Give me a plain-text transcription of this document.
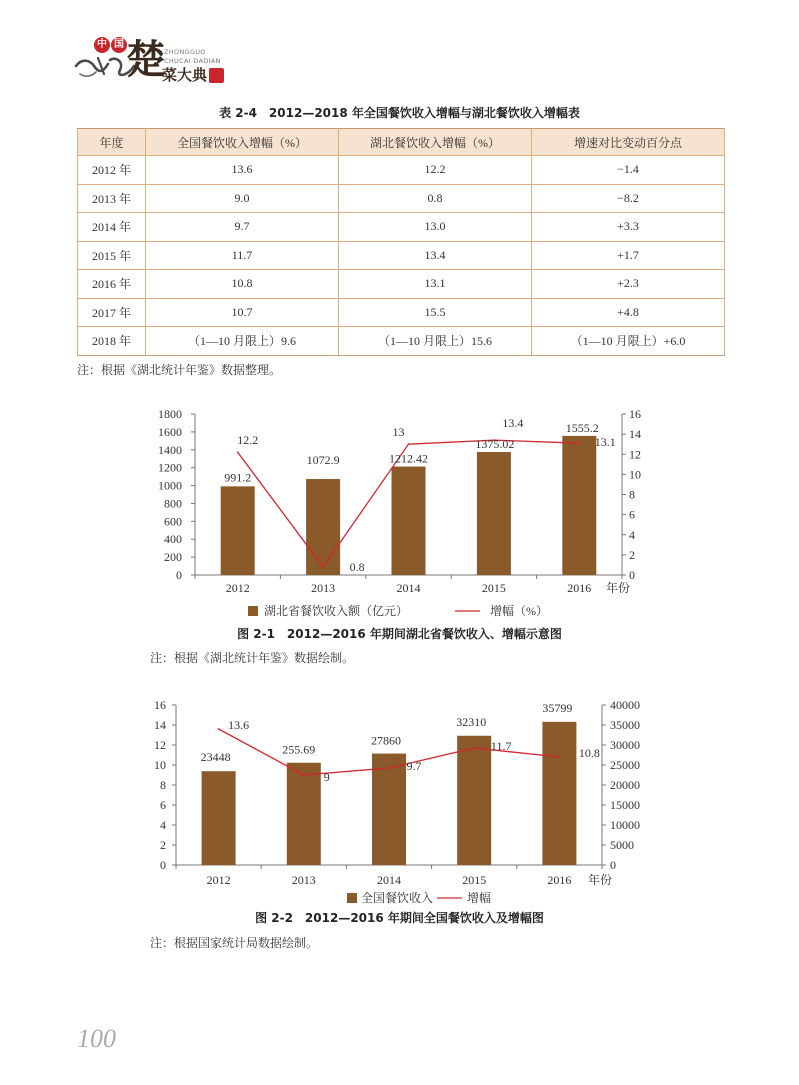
中 国 楚
ZHONGGUO
CHUCAI DADIAN
菜大典
表 2-4　2012—2018 年全国餐饮收入增幅与湖北餐饮收入增幅表
年度	全国餐饮收入增幅（%）	湖北餐饮收入增幅（%）	增速对比变动百分点
2012 年	13.6	12.2	−1.4
2013 年	9.0	0.8	−8.2
2014 年	9.7	13.0	+3.3
2015 年	11.7	13.4	+1.7
2016 年	10.8	13.1	+2.3
2017 年	10.7	15.5	+4.8
2018 年	（1—10 月限上）9.6	（1—10 月限上）15.6	（1—10 月限上）+6.0
注：根据《湖北统计年鉴》数据整理。
0
200
400
600
800
1000
1200
1400
1600
1800
0
2
4
6
8
10
12
14
16
2012	2013	2014	2015	2016 年份
991.2
1072.9	1212.42
1375.02
1555.2
12.2
0.8
13
13.4
13.1
湖北省餐饮收入额（亿元）	增幅（%）
图 2-1　2012—2016 年期间湖北省餐饮收入、增幅示意图
注：根据《湖北统计年鉴》数据绘制。
0
2
4
6
8
10
12
14
16
0
5000
10000
15000
20000
25000
30000
35000
40000
2012	2013	2014	2015	2016 年份
23448
255.69
27860
32310
35799
13.6
9
9.7
11.7	10.8
全国餐饮收入	增幅
图 2-2　2012—2016 年期间全国餐饮收入及增幅图
注：根据国家统计局数据绘制。
100
